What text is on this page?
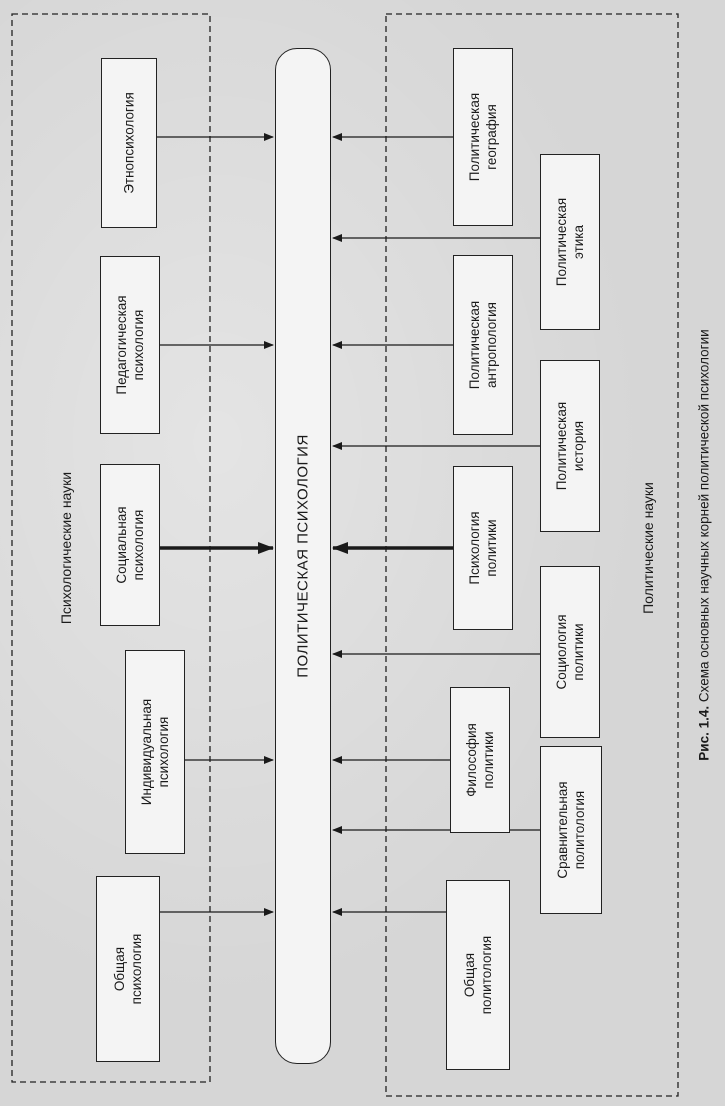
Психологические науки	Политические науки
ПОЛИТИЧЕСКАЯ ПСИХОЛОГИЯ
Этнопсихология
Педагогическая психология
Социальная психология
Индивидуальная психология
Общая психология
Политическая география
Политическая антропология
Психология политики
Философия политики
Общая политология
Политическая этика
Политическая история
Социология политики
Сравнительная политология
Рис. 1.4. Схема основных научных корней политической психологии
